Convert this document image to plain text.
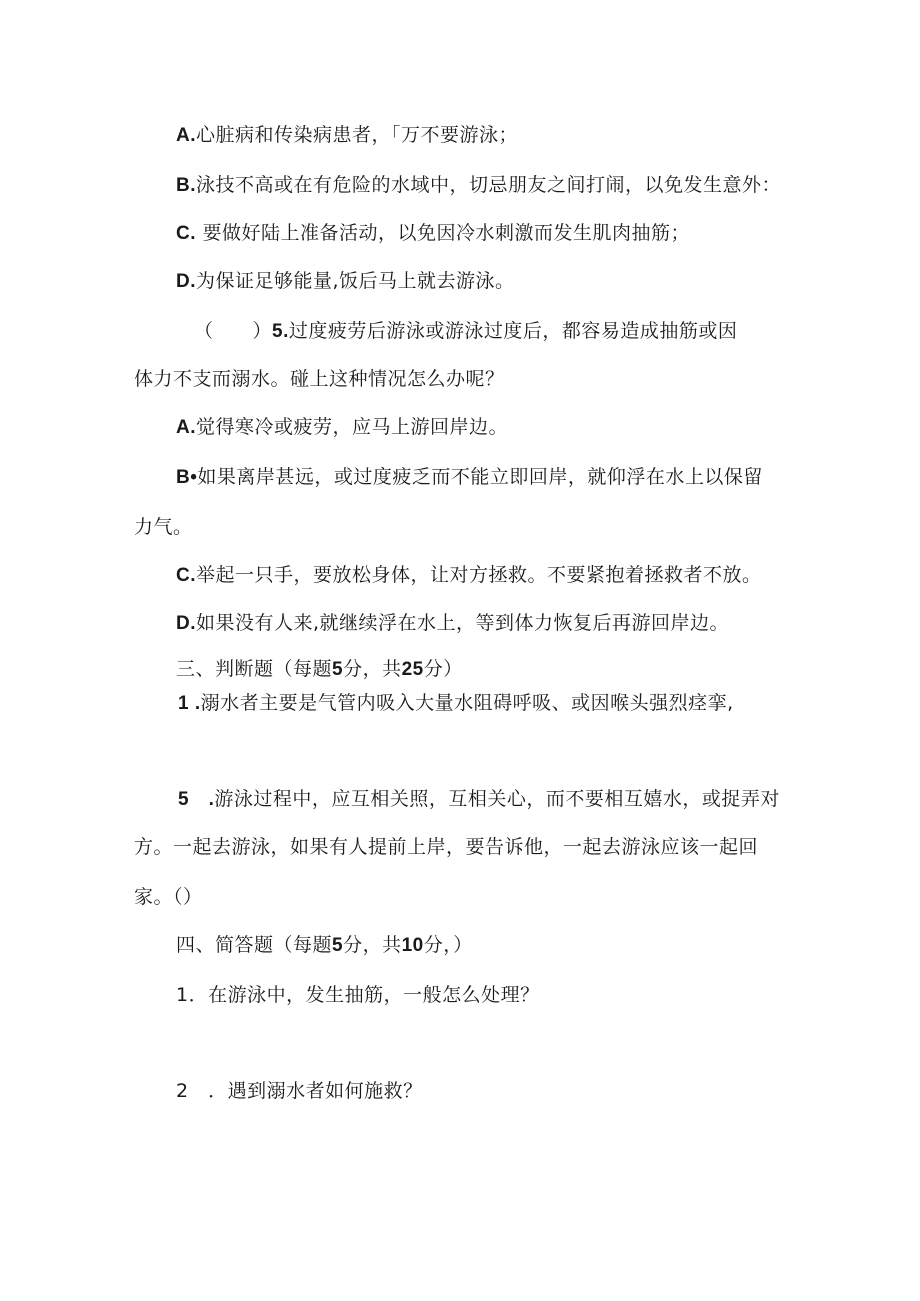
A.心脏病和传染病患者，「万不要游泳；
B.泳技不高或在有危险的水域中，切忌朋友之间打闹，以免发生意外：
C. 要做好陆上准备活动，以免因冷水刺激而发生肌肉抽筋；
D.为保证足够能量,饭后马上就去游泳。
（　　）5.过度疲劳后游泳或游泳过度后，都容易造成抽筋或因
体力不支而溺水。碰上这种情况怎么办呢？
A.觉得寒冷或疲劳，应马上游回岸边。
B•如果离岸甚远，或过度疲乏而不能立即回岸，就仰浮在水上以保留
力气。
C.举起一只手，要放松身体，让对方拯救。不要紧抱着拯救者不放。
D.如果没有人来,就继续浮在水上，等到体力恢复后再游回岸边。
三、判断题（每题5分，共25分）
1 .溺水者主要是气管内吸入大量水阻碍呼吸、或因喉头强烈痉挛,
5　.游泳过程中，应互相关照，互相关心，而不要相互嬉水，或捉弄对
方。一起去游泳，如果有人提前上岸，要告诉他，一起去游泳应该一起回
家。（）
四、简答题（每题5分，共10分，）
1．在游泳中，发生抽筋，一般怎么处理？
2　．遇到溺水者如何施救？
